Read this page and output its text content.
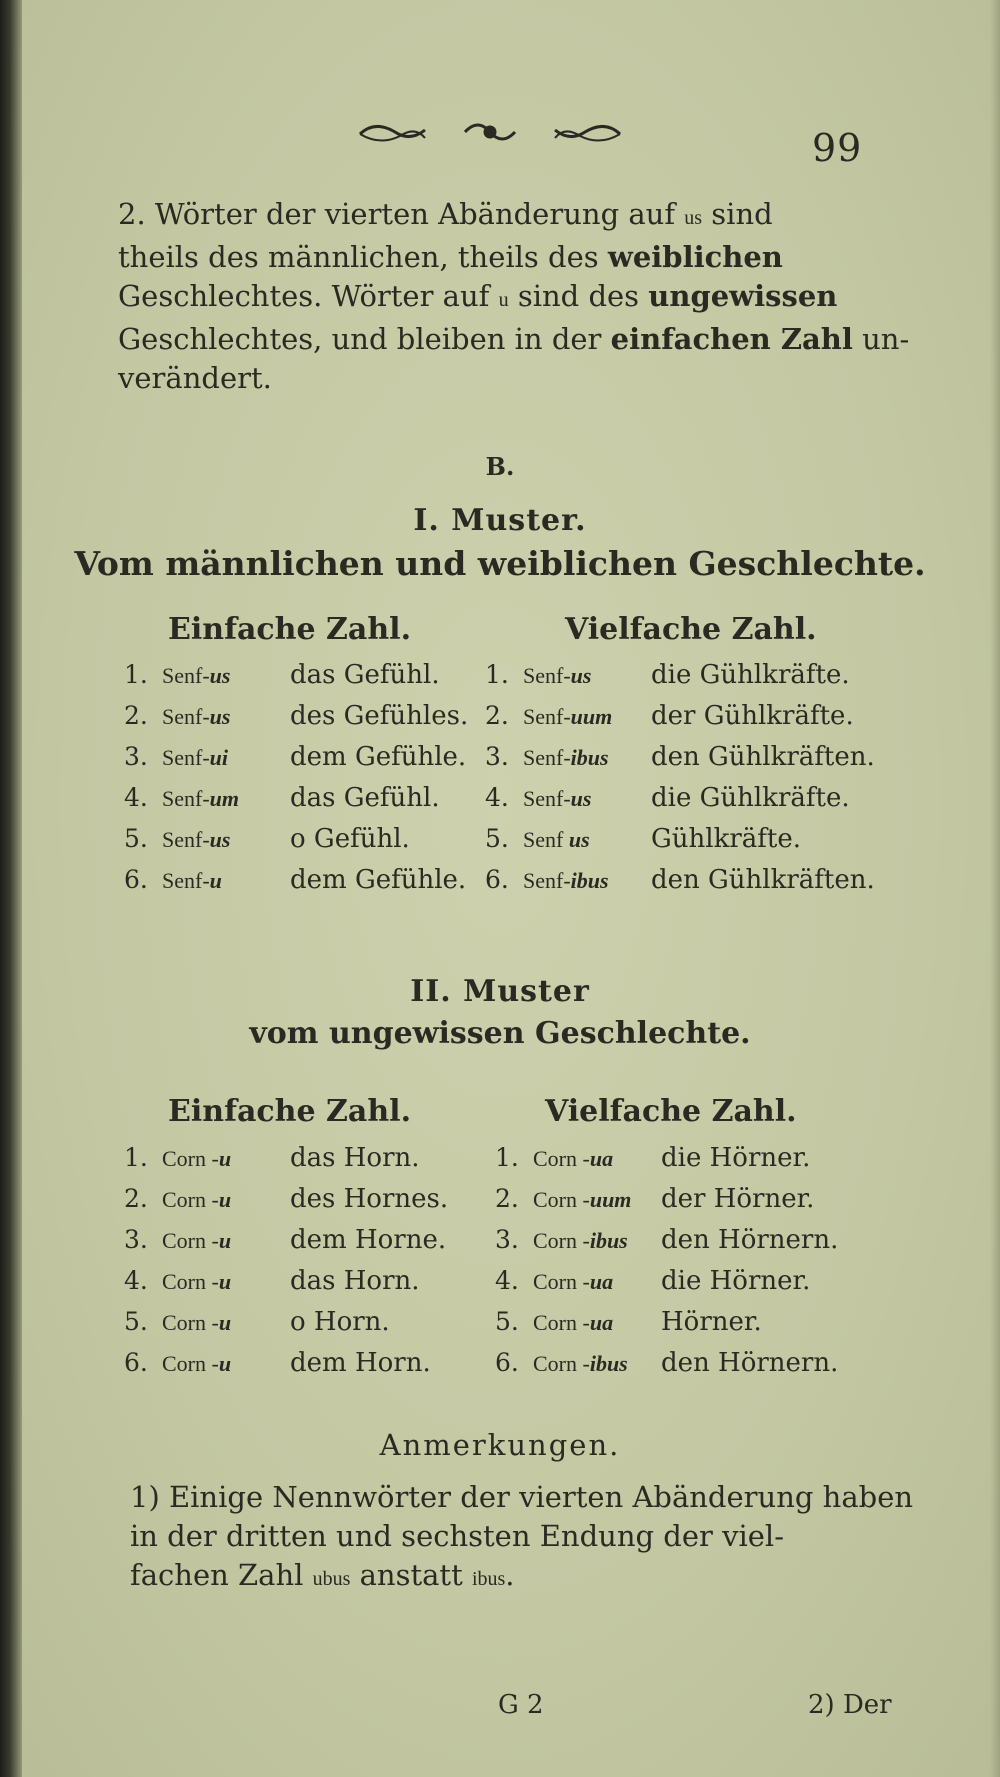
99
2. Wörter der vierten Abänderung auf us sind
theils des männlichen, theils des weiblichen
Geschlechtes. Wörter auf u sind des ungewissen
Geschlechtes, und bleiben in der einfachen Zahl un-
verändert.
B.
I. Muster.
Vom männlichen und weiblichen Geschlechte.
Einfache Zahl.	Vielfache Zahl.
1. Senf-us das Gefühl.
2. Senf-us des Gefühles.
3. Senf-ui dem Gefühle.
4. Senf-um das Gefühl.
5. Senf-us o Gefühl.
6. Senf-u	dem Gefühle.
1. Senf-us die Gühlkräfte.
2. Senf-uum der Gühlkräfte.
3. Senf-ibus den Gühlkräften.
4. Senf-us die Gühlkräfte.
5. Senf us Gühlkräfte.
6. Senf-ibus den Gühlkräften.
II. Muster
vom ungewissen Geschlechte.
Einfache Zahl.	Vielfache Zahl.
1. Corn -u das Horn.
2. Corn -u des Hornes.
3. Corn -u dem Horne.
4. Corn -u das Horn.
5. Corn -u o Horn.
6. Corn -u dem Horn.
1. Corn -ua die Hörner.
2. Corn -uum der Hörner.
3. Corn -ibus den Hörnern.
4. Corn -ua die Hörner.
5. Corn -ua Hörner.
6. Corn -ibus den Hörnern.
Anmerkungen.
1) Einige Nennwörter der vierten Abänderung haben
in der dritten und sechsten Endung der viel-
fachen Zahl ubus anstatt ibus.
G 2	2) Der
